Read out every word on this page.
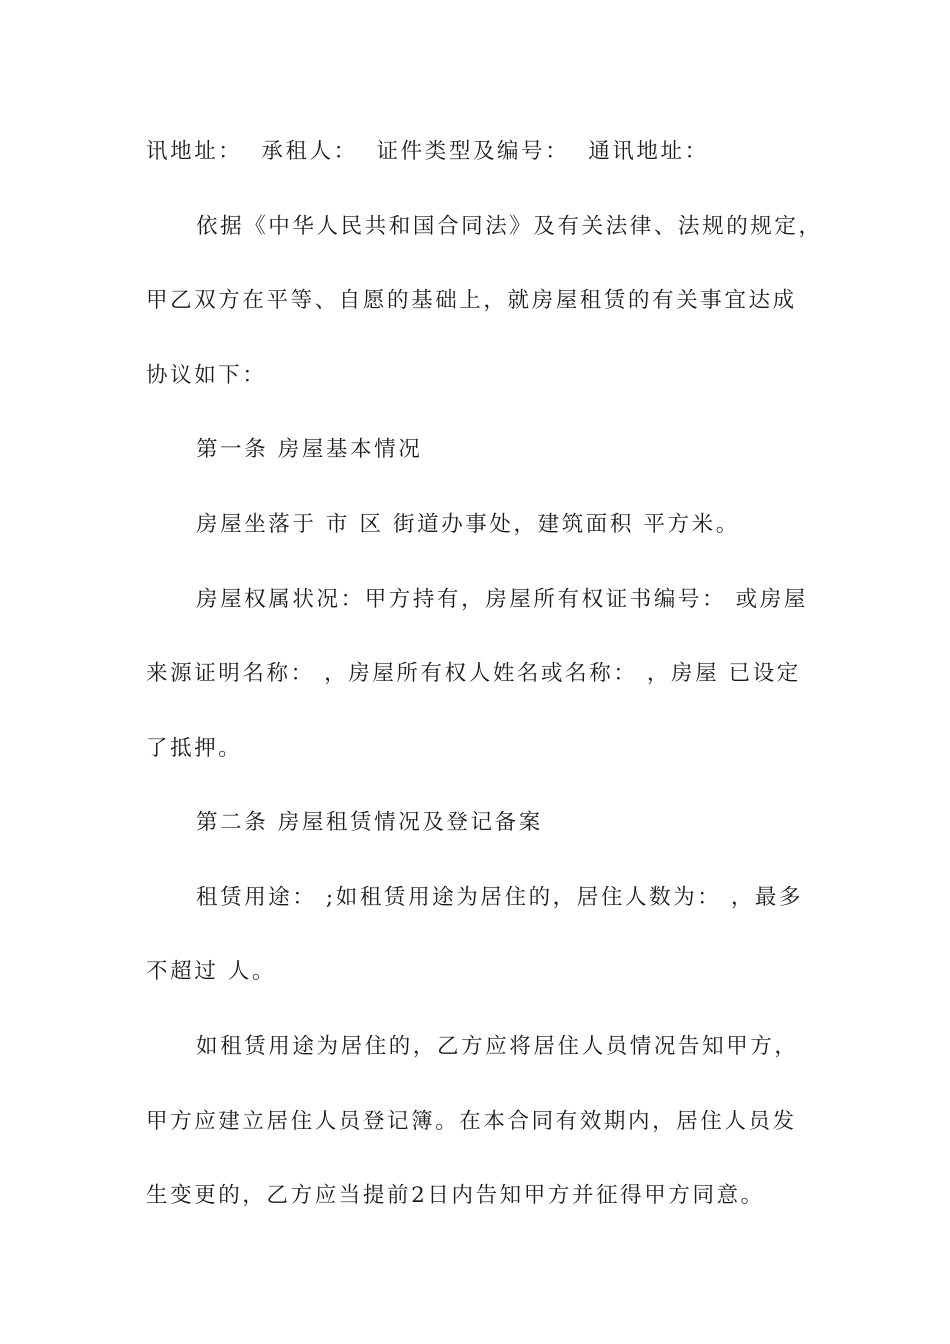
讯地址：  承租人：  证件类型及编号：  通讯地址：
依据《中华人民共和国合同法》及有关法律、法规的规定，
甲乙双方在平等、自愿的基础上，就房屋租赁的有关事宜达成
协议如下：
第一条 房屋基本情况
房屋坐落于 市 区 街道办事处，建筑面积 平方米。
房屋权属状况：甲方持有，房屋所有权证书编号： 或房屋
来源证明名称： ，房屋所有权人姓名或名称： ，房屋 已设定
了抵押。
第二条 房屋租赁情况及登记备案
租赁用途： ;如租赁用途为居住的，居住人数为： ，最多
不超过 人。
如租赁用途为居住的，乙方应将居住人员情况告知甲方，
甲方应建立居住人员登记簿。在本合同有效期内，居住人员发
生变更的，乙方应当提前2日内告知甲方并征得甲方同意。
